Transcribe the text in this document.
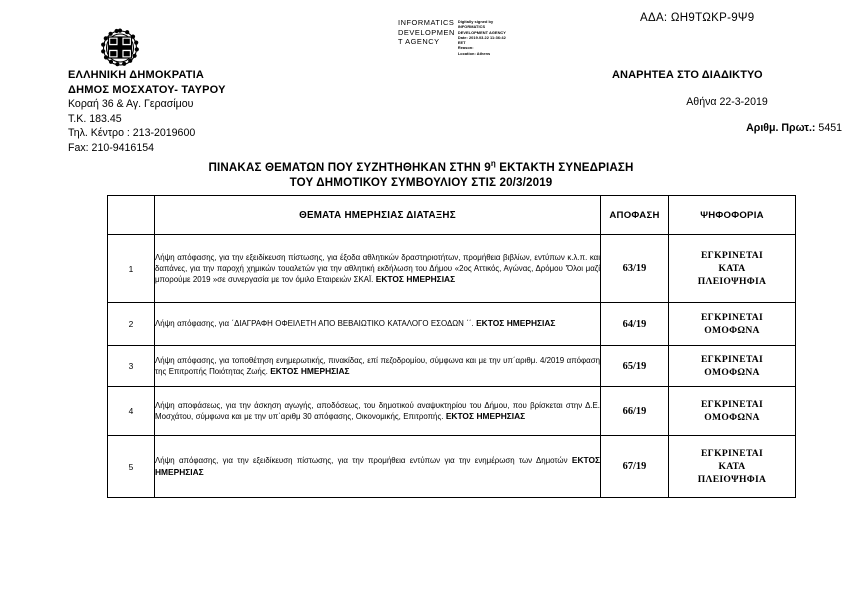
ΑΔΑ: ΩΗ9ΤΩΚΡ-9Ψ9
INFORMATICS
DEVELOPMEN
T AGENCY
Digitally signed by
INFORMATICS
DEVELOPMENT AGENCY
Date: 2019.03.22 11:36:42
EET
Reason:
Location: Athens
ΕΛΛΗΝΙΚΗ ΔΗΜΟΚΡΑΤΙΑ
ΔΗΜΟΣ ΜΟΣΧΑΤΟΥ- ΤΑΥΡΟΥ
Κοραή 36 & Αγ. Γερασίμου
Τ.Κ. 183.45
Τηλ. Κέντρο : 213-2019600
Fax: 210-9416154
ΑΝΑΡΗΤΕΑ ΣΤΟ ΔΙΑΔΙΚΤΥΟ
Αθήνα 22-3-2019
Αριθμ. Πρωτ.: 5451
ΠΙΝΑΚΑΣ ΘΕΜΑΤΩΝ ΠΟΥ ΣΥΖΗΤΗΘΗΚΑΝ ΣΤΗΝ $9^\eta$ ΕΚΤΑΚΤΗ ΣΥΝΕΔΡΙΑΣΗ
ΤΟΥ ΔΗΜΟΤΙΚΟΥ ΣΥΜΒΟΥΛΙΟΥ ΣΤΙΣ 20/3/2019
	ΘΕΜΑΤΑ ΗΜΕΡΗΣΙΑΣ ΔΙΑΤΑΞΗΣ	ΑΠΟΦΑΣΗ	ΨΗΦΟΦΟΡΙΑ
1	Λήψη απόφασης, για την εξειδίκευση πίστωσης, για έξοδα αθλητικών δραστηριοτήτων, προμήθεια βιβλίων, εντύπων κ.λ.π. και δαπάνες, για την παροχή χημικών τουαλετών για την αθλητική εκδήλωση του Δήμου «2ος Αττικός, Αγώνας, Δρόμου 'Όλοι μαζί μπορούμε 2019 »σε συνεργασία με τον όμιλο Εταιρειών ΣΚΑΪ. ΕΚΤΟΣ ΗΜΕΡΗΣΙΑΣ	63/19	
ΕΓΚΡΙΝΕΤΑΙ
ΚΑΤΑ
ΠΛΕΙΟΨΗΦΙΑ

2	Λήψη απόφασης, για ΄ΔΙΑΓΡΑΦΗ ΟΦΕΙΛΕΤΗ ΑΠΟ ΒΕΒΑΙΩΤΙΚΟ ΚΑΤΑΛΟΓΟ ΕΣΟΔΩΝ ΄΄. ΕΚΤΟΣ ΗΜΕΡΗΣΙΑΣ	64/19	ΕΓΚΡΙΝΕΤΑΙ
ΟΜΟΦΩΝΑ

3	Λήψη απόφασης, για τοποθέτηση ενημερωτικής, πινακίδας, επί πεζοδρομίου, σύμφωνα και με την υπ΄αριθμ. 4/2019 απόφαση της Επιτροπής Ποιότητας Ζωής. ΕΚΤΟΣ ΗΜΕΡΗΣΙΑΣ	65/19	ΕΓΚΡΙΝΕΤΑΙ
ΟΜΟΦΩΝΑ

4	Λήψη αποφάσεως, για την άσκηση αγωγής, αποδόσεως, του δημοτικού αναψυκτηρίου του Δήμου, που βρίσκεται στην Δ.Ε. Μοσχάτου, σύμφωνα και με την υπ΄αριθμ 30 απόφασης, Οικονομικής, Επιτροπής. ΕΚΤΟΣ ΗΜΕΡΗΣΙΑΣ	66/19	ΕΓΚΡΙΝΕΤΑΙ
ΟΜΟΦΩΝΑ

5	Λήψη απόφασης, για την εξειδίκευση πίστωσης, για την προμήθεια εντύπων για την ενημέρωση των Δημοτών ΕΚΤΟΣ ΗΜΕΡΗΣΙΑΣ	67/19	ΕΓΚΡΙΝΕΤΑΙ
ΚΑΤΑ
ΠΛΕΙΟΨΗΦΙΑ
